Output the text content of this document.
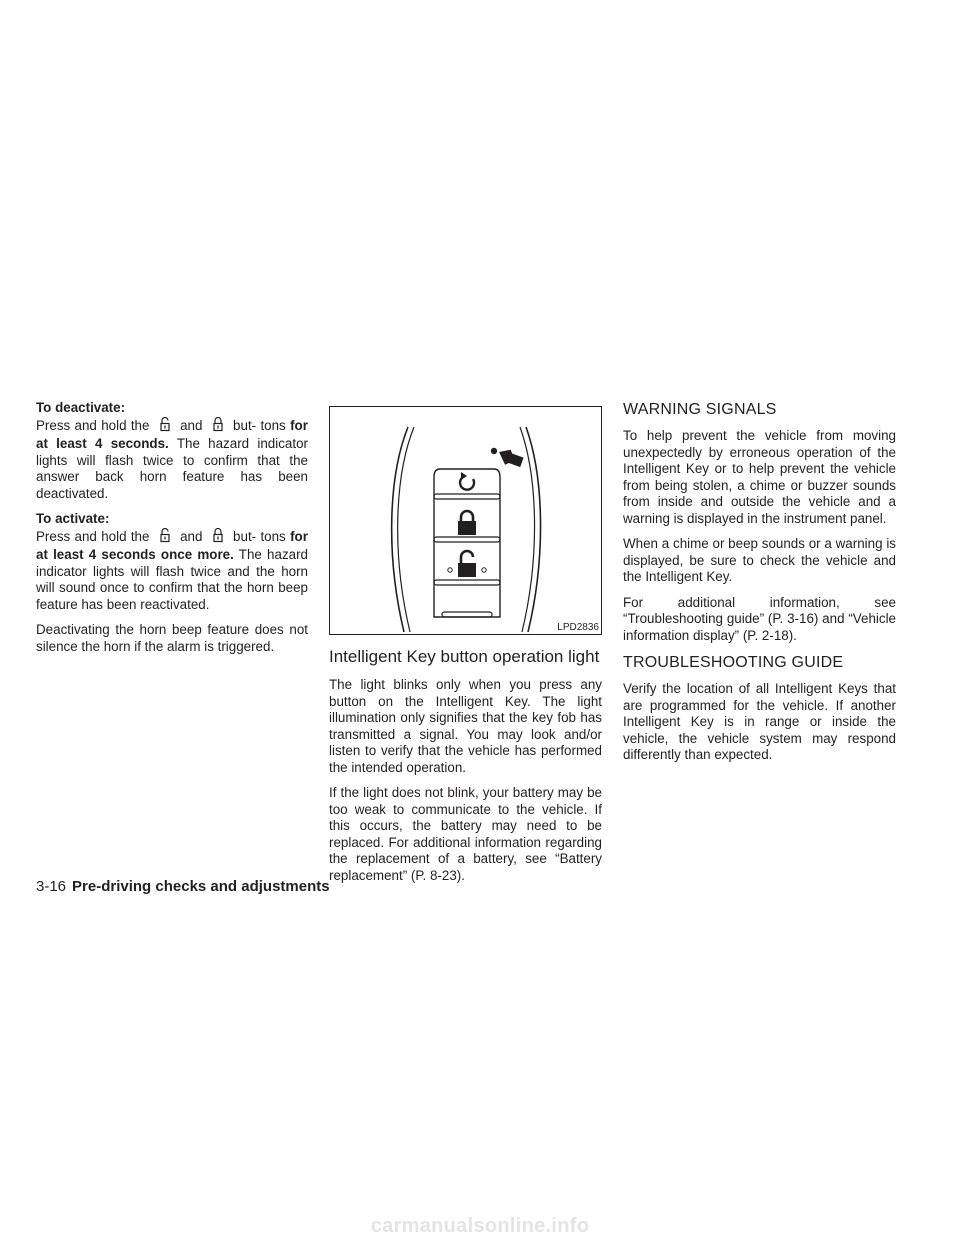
To deactivate:

Press and hold the and but- tons for at least 4 seconds. The hazard indicator lights will flash twice to confirm that the answer back horn feature has been deactivated.

To activate:

Press and hold the and but- tons for at least 4 seconds once more. The hazard indicator lights will flash twice and the horn will sound once to confirm that the horn beep feature has been reactivated.

Deactivating the horn beep feature does not silence the horn if the alarm is triggered.

LPD2836
Intelligent Key button operation light

The light blinks only when you press any button on the Intelligent Key. The light illumination only signifies that the key fob has transmitted a signal. You may look and/or listen to verify that the vehicle has performed the intended operation.

If the light does not blink, your battery may be too weak to communicate to the vehicle. If this occurs, the battery may need to be replaced. For additional information regarding the replacement of a battery, see “Battery replacement” (P. 8-23).

WARNING SIGNALS

To help prevent the vehicle from moving unexpectedly by erroneous operation of the Intelligent Key or to help prevent the vehicle from being stolen, a chime or buzzer sounds from inside and outside the vehicle and a warning is displayed in the instrument panel.

When a chime or beep sounds or a warning is displayed, be sure to check the vehicle and the Intelligent Key.

For additional information, see “Troubleshooting guide” (P. 3-16) and “Vehicle information display” (P. 2-18).

TROUBLESHOOTING GUIDE

Verify the location of all Intelligent Keys that are programmed for the vehicle. If another Intelligent Key is in range or inside the vehicle, the vehicle system may respond differently than expected.

3-16 Pre-driving checks and adjustments
carmanualsonline.info
